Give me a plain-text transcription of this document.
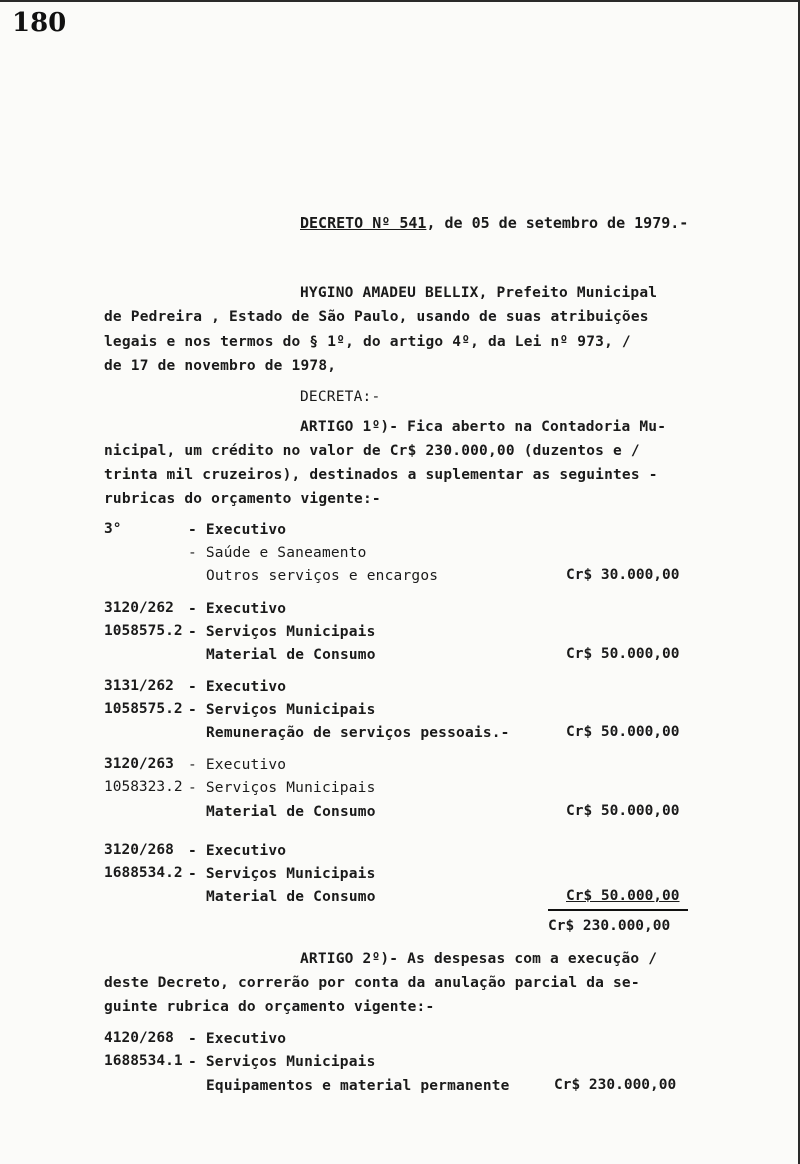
180
DECRETO Nº 541, de 05 de setembro de 1979.-
HYGINO AMADEU BELLIX, Prefeito Municipal
de Pedreira , Estado de São Paulo, usando de suas atribuições
legais e nos termos do § 1º, do artigo 4º, da Lei nº 973, /
de 17 de novembro de 1978,
DECRETA:-
ARTIGO 1º)- Fica aberto na Contadoria Mu-
nicipal, um crédito no valor de Cr$ 230.000,00 (duzentos e /
trinta mil cruzeiros), destinados a suplementar as seguintes -
rubricas do orçamento vigente:-
3°	- Executivo
- Saúde e Saneamento
Outros serviços e encargos	Cr$ 30.000,00
3120/262 - Executivo
1058575.2 - Serviços Municipais
Material de Consumo	Cr$ 50.000,00
3131/262 - Executivo
1058575.2 - Serviços Municipais
Remuneração de serviços pessoais.-	Cr$ 50.000,00
3120/263 - Executivo
1058323.2 - Serviços Municipais
Material de Consumo	Cr$ 50.000,00
3120/268 - Executivo
1688534.2 - Serviços Municipais
Material de Consumo	Cr$ 50.000,00
Cr$ 230.000,00
ARTIGO 2º)- As despesas com a execução /
deste Decreto, correrão por conta da anulação parcial da se-
guinte rubrica do orçamento vigente:-
4120/268 - Executivo
1688534.1 - Serviços Municipais
Equipamentos e material permanente	Cr$ 230.000,00
